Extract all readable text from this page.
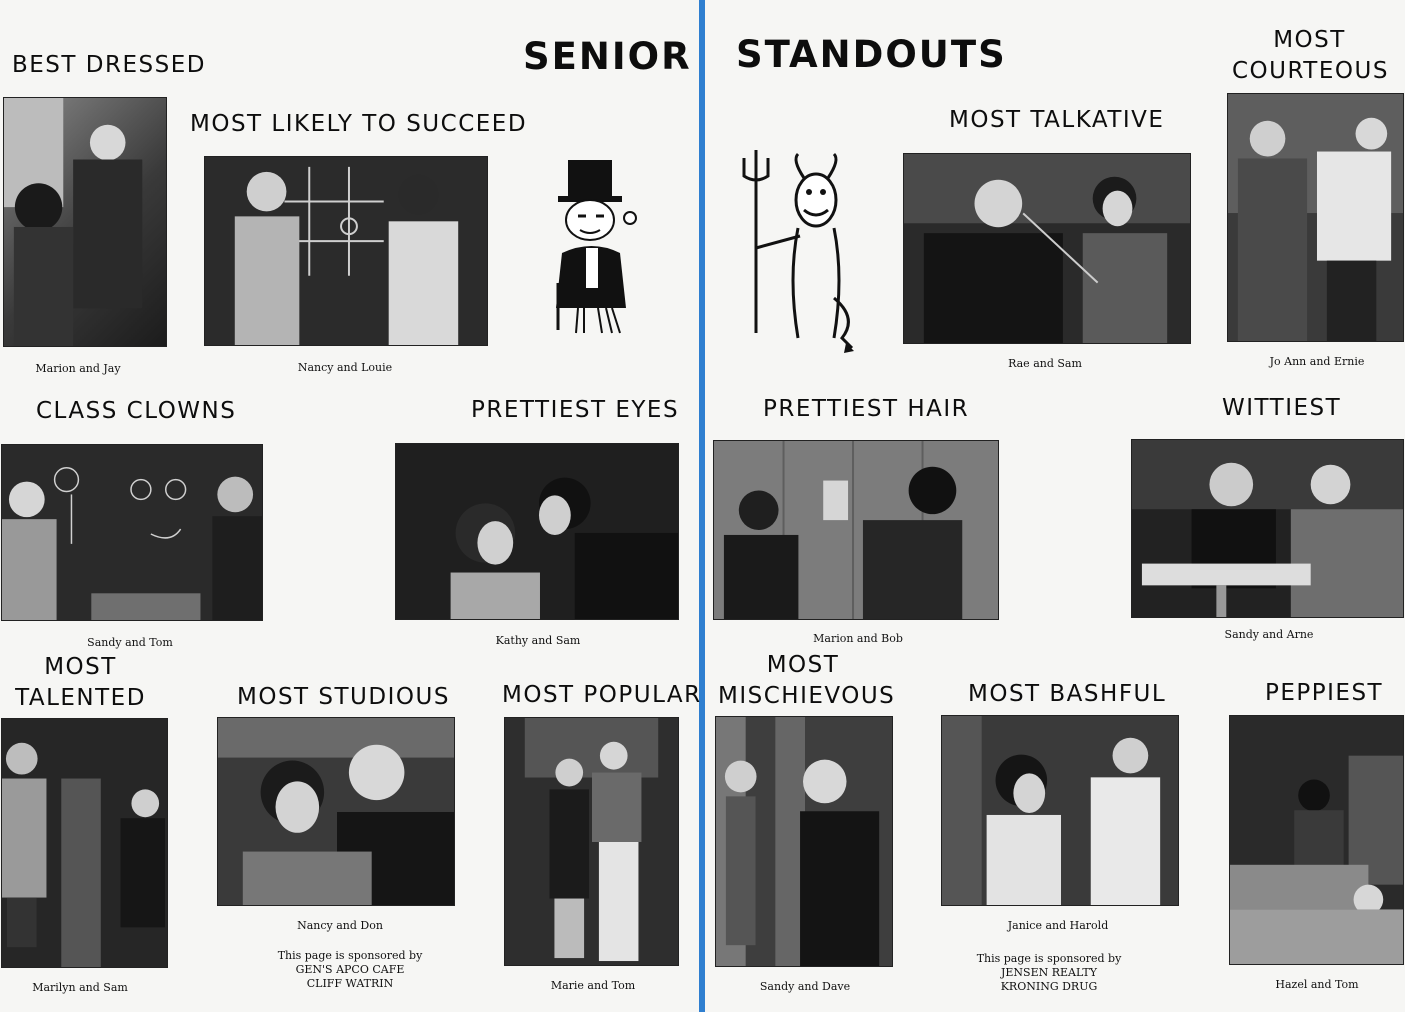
SENIOR
BEST DRESSED
Marion and Jay
MOST LIKELY TO SUCCEED
Nancy and Louie
CLASS CLOWNS
Sandy and Tom
PRETTIEST EYES
Kathy and Sam
MOST
TALENTED
Marilyn and Sam
MOST STUDIOUS
Nancy and Don
This page is sponsored by
GEN'S APCO CAFE
CLIFF WATRIN
MOST POPULAR
Marie and Tom
STANDOUTS	MOST
COURTEOUS
Jo Ann and Ernie
MOST TALKATIVE
Rae and Sam
PRETTIEST HAIR
Marion and Bob
WITTIEST
Sandy and Arne
MOST
MISCHIEVOUS
Sandy and Dave
MOST BASHFUL
Janice and Harold
This page is sponsored by
JENSEN REALTY
KRONING DRUG
PEPPIEST
Hazel and Tom
